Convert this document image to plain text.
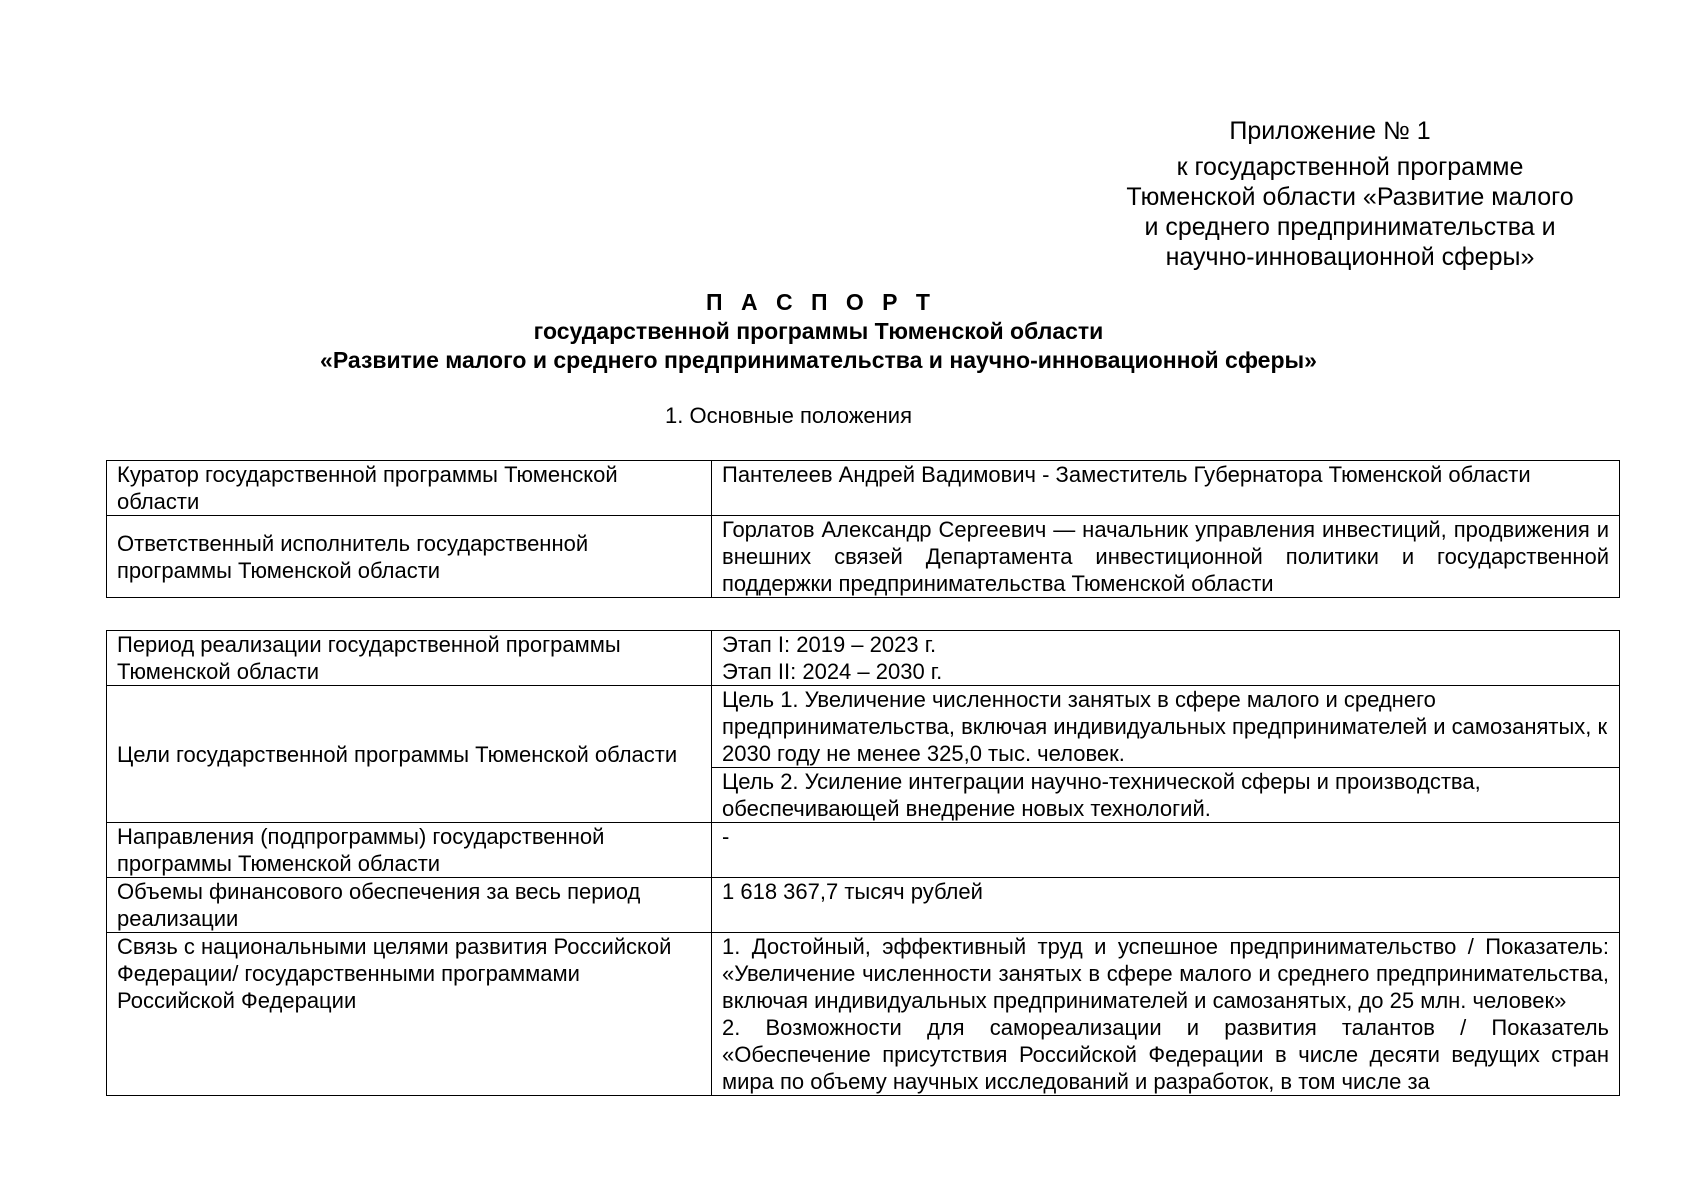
Приложение № 1
к государственной программе
Тюменской области «Развитие малого
и среднего предпринимательства и
научно-инновационной сферы»
П А С П О Р Т
государственной программы Тюменской области
«Развитие малого и среднего предпринимательства и научно-инновационной сферы»
1. Основные положения
Куратор государственной программы Тюменской области	Пантелеев Андрей Вадимович - Заместитель Губернатора Тюменской области
Ответственный исполнитель государственной программы Тюменской области	Горлатов Александр Сергеевич — начальник управления инвестиций, продвижения и внешних связей Департамента инвестиционной политики и государственной поддержки предпринимательства Тюменской области
Период реализации государственной программы Тюменской области	Этап I: 2019 – 2023 г.
Этап II: 2024 – 2030 г.

Цели государственной программы Тюменской области	Цель 1. Увеличение численности занятых в сфере малого и среднего предпринимательства, включая индивидуальных предпринимателей и самозанятых, к 2030 году не менее 325,0 тыс. человек.
	Цель 2. Усиление интеграции научно-технической сферы и производства, обеспечивающей внедрение новых технологий.
Направления (подпрограммы) государственной программы Тюменской области	-
Объемы финансового обеспечения за весь период реализации	1 618 367,7 тысяч рублей
Связь с национальными целями развития Российской Федерации/ государственными программами Российской Федерации	1. Достойный, эффективный труд и успешное предпринимательство / Показатель: «Увеличение численности занятых в сфере малого и среднего предпринимательства, включая индивидуальных предпринимателей и самозанятых, до 25 млн. человек»
2. Возможности для самореализации и развития талантов / Показатель «Обеспечение присутствия Российской Федерации в числе десяти ведущих стран мира по объему научных исследований и разработок, в том числе за
